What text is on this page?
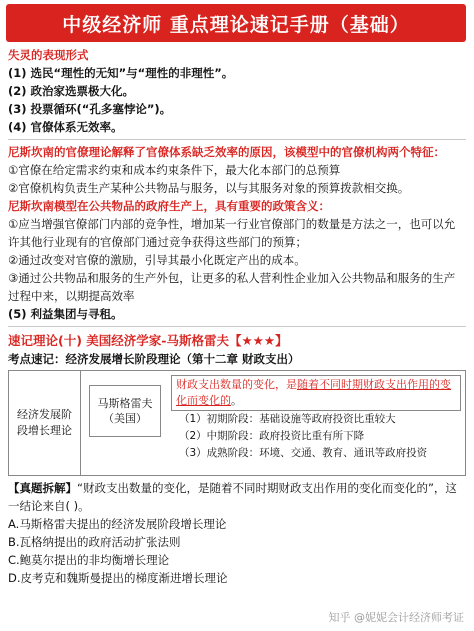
中级经济师 重点理论速记手册（基础）
失灵的表现形式
(1) 选民“理性的无知”与“理性的非理性”。
(2) 政治家选票极大化。
(3) 投票循环(“孔多塞悖论”)。
(4) 官僚体系无效率。
尼斯坎南的官僚理论解释了官僚体系缺乏效率的原因，该模型中的官僚机构两个特征：
①官僚在给定需求约束和成本约束条件下，最大化本部门的总预算
②官僚机构负责生产某种公共物品与服务，以与其服务对象的预算拨款相交换。
尼斯坎南模型在公共物品的政府生产上，具有重要的政策含义：
①应当增强官僚部门内部的竞争性，增加某一行业官僚部门的数量是方法之一，也可以允许其他行业现有的官僚部门通过竞争获得这些部门的预算；
②通过改变对官僚的激励，引导其最小化既定产出的成本。
③通过公共物品和服务的生产外包，让更多的私人营利性企业加入公共物品和服务的生产过程中来，以期提高效率
(5) 利益集团与寻租。
速记理论(十) 美国经济学家-马斯格雷夫【★★★】
考点速记：经济发展增长阶段理论（第十二章 财政支出）
经济发展阶段增长理论
马斯格雷夫
（美国）
财政支出数量的变化，是随着不同时期财政支出作用的变化而变化的。
（1）初期阶段：基础设施等政府投资比重较大
（2）中期阶段：政府投资比重有所下降
（3）成熟阶段：环境、交通、教育、通讯等政府投资
【真题拆解】“财政支出数量的变化，是随着不同时期财政支出作用的变化而变化的”，这一结论来自( )。
A.马斯格雷夫提出的经济发展阶段增长理论
B.瓦格纳提出的政府活动扩张法则
C.鲍莫尔提出的非均衡增长理论
D.皮考克和魏斯曼提出的梯度渐进增长理论
知乎 @妮妮会计经济师考证
